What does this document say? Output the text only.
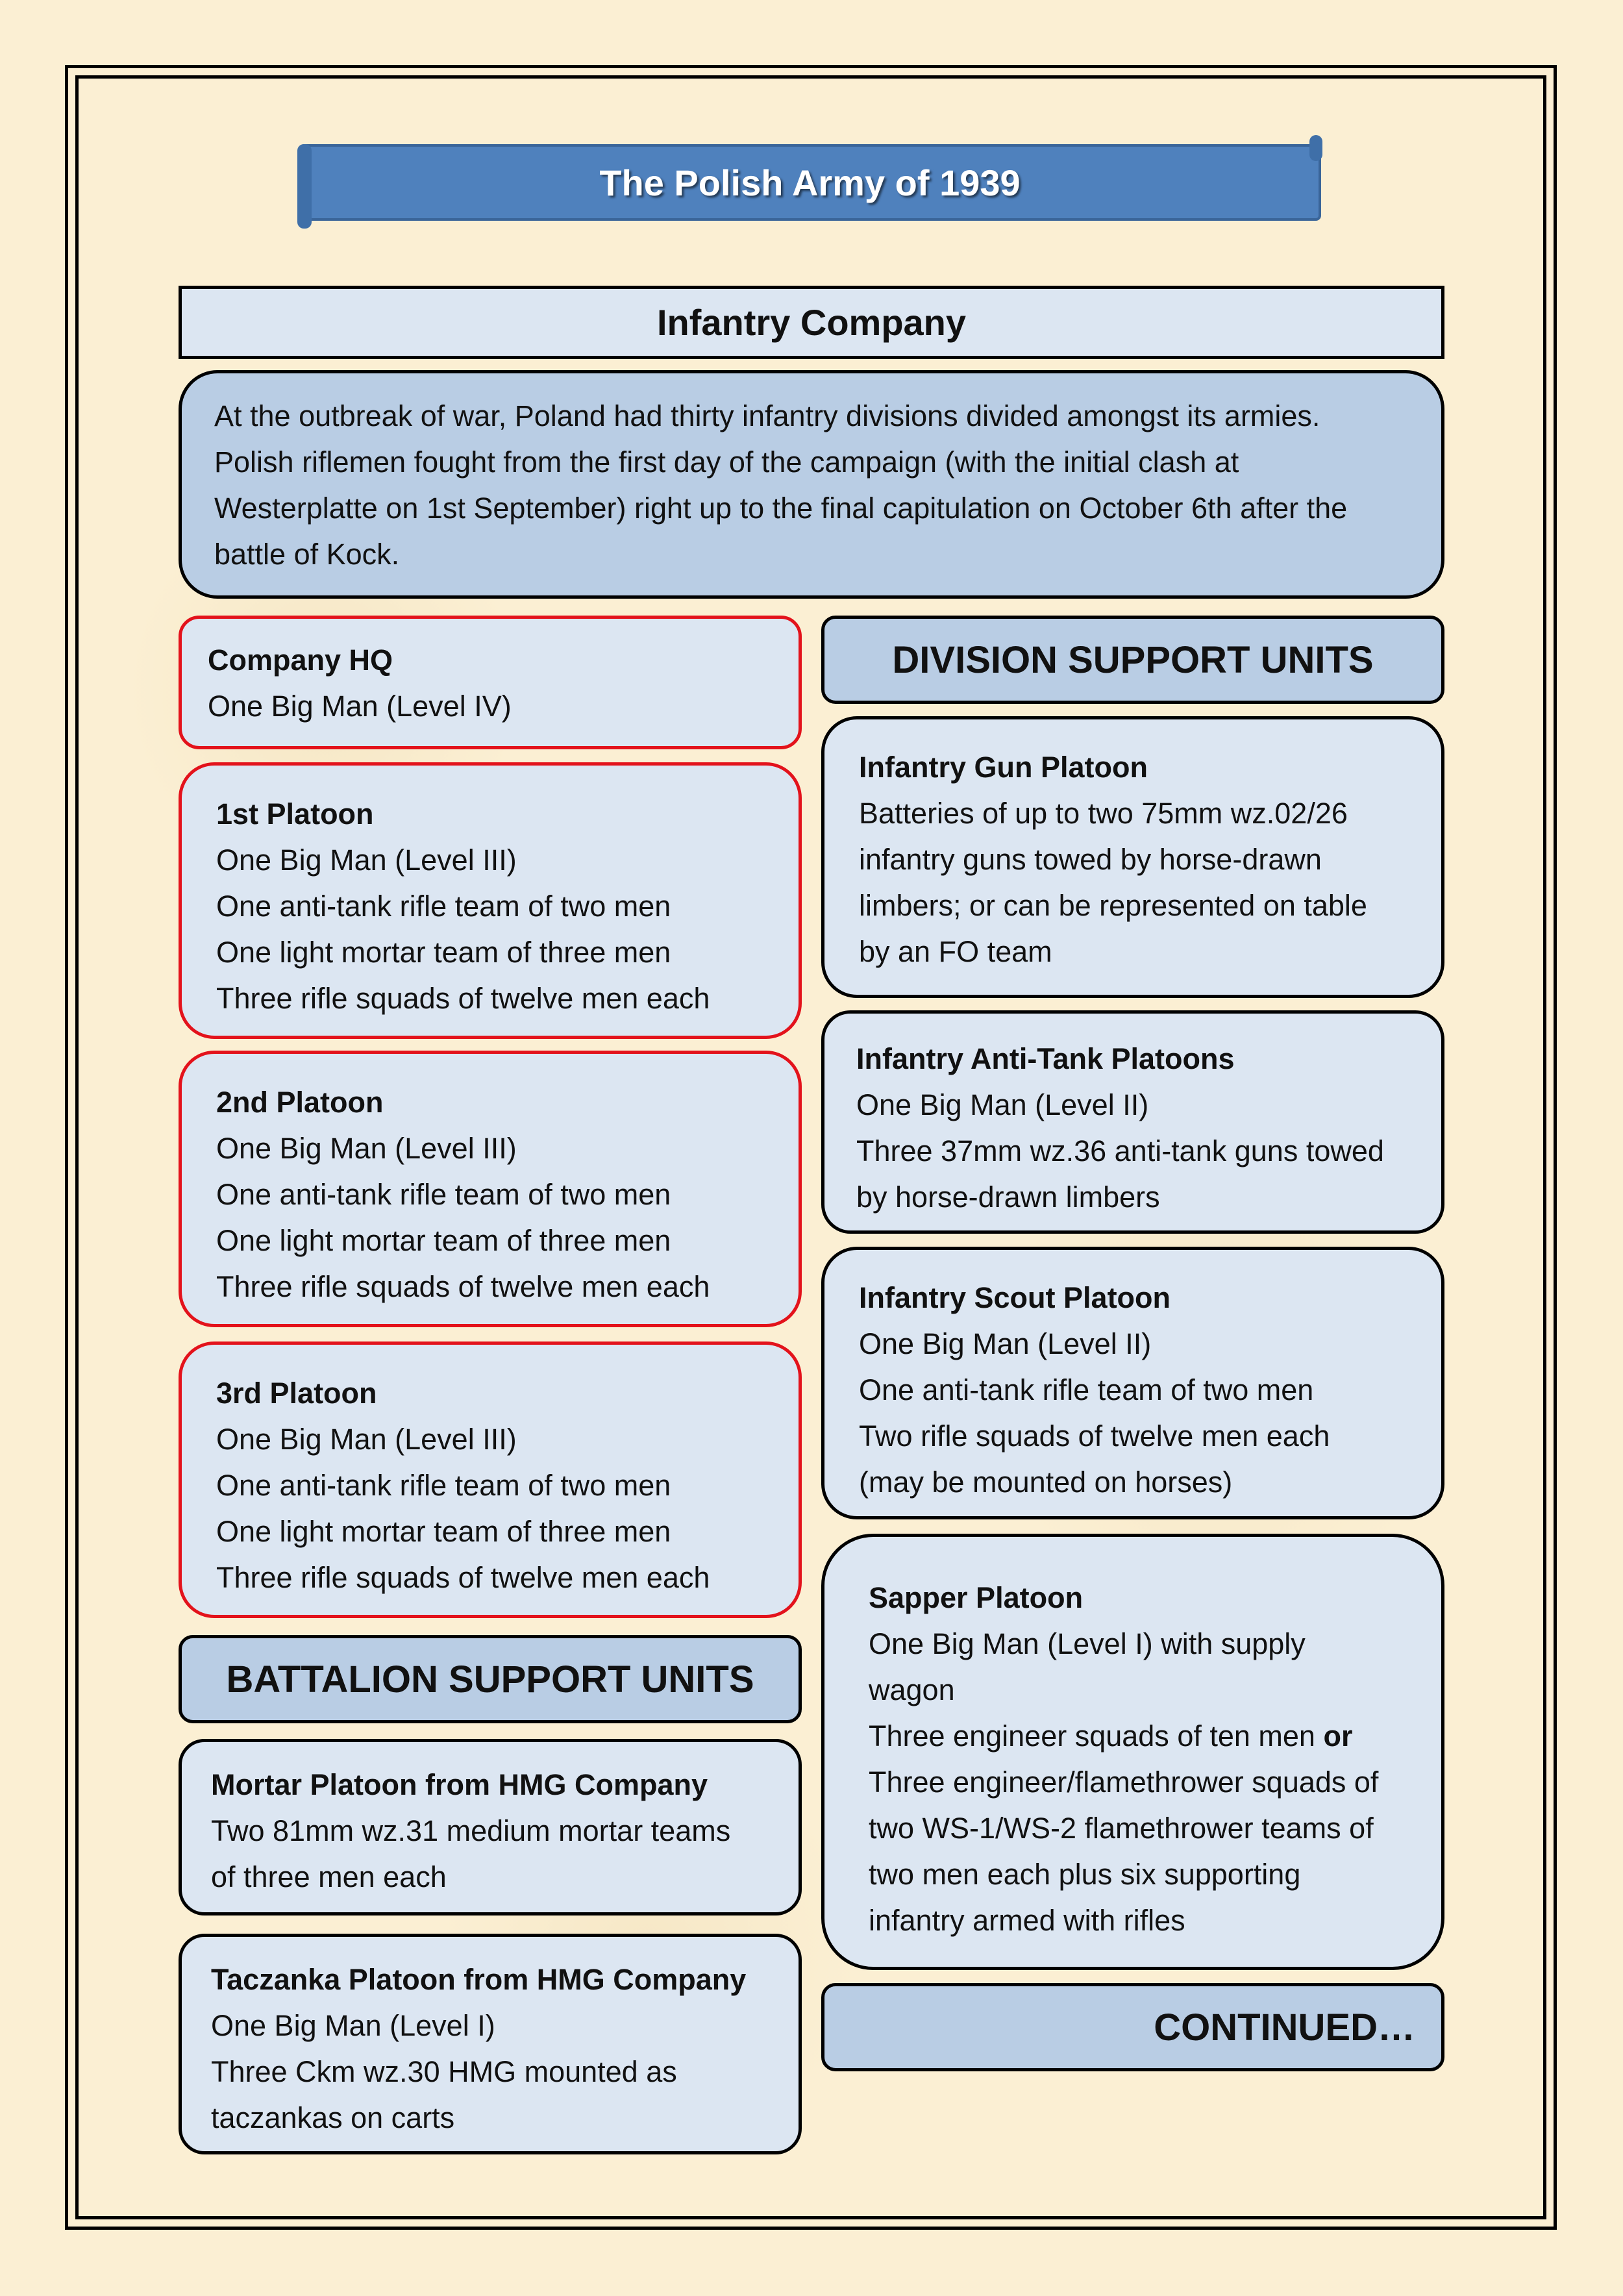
The Polish Army of 1939
Infantry Company
At the outbreak of war, Poland had thirty infantry divisions divided amongst its armies.
Polish riflemen fought from the first day of the campaign (with the initial clash at
Westerplatte on 1st September) right up to the final capitulation on October 6th after the
battle of Kock.
Company HQ
One Big Man (Level IV)
1st Platoon
One Big Man (Level III)
One anti-tank rifle team of two men
One light mortar team of three men
Three rifle squads of twelve men each
2nd Platoon
One Big Man (Level III)
One anti-tank rifle team of two men
One light mortar team of three men
Three rifle squads of twelve men each
3rd Platoon
One Big Man (Level III)
One anti-tank rifle team of two men
One light mortar team of three men
Three rifle squads of twelve men each
BATTALION SUPPORT UNITS
Mortar Platoon from HMG Company
Two 81mm wz.31 medium mortar teams
of three men each
Taczanka Platoon from HMG Company
One Big Man (Level I)
Three Ckm wz.30 HMG mounted as
taczankas on carts
DIVISION SUPPORT UNITS
Infantry Gun Platoon
Batteries of up to two 75mm wz.02/26
infantry guns towed by horse-drawn
limbers; or can be represented on table
by an FO team
Infantry Anti-Tank Platoons
One Big Man (Level II)
Three 37mm wz.36 anti-tank guns towed
by horse-drawn limbers
Infantry Scout Platoon
One Big Man (Level II)
One anti-tank rifle team of two men
Two rifle squads of twelve men each
(may be mounted on horses)
Sapper Platoon
One Big Man (Level I) with supply
wagon
Three engineer squads of ten men or
Three engineer/flamethrower squads of
two WS-1/WS-2 flamethrower teams of
two men each plus six supporting
infantry armed with rifles
CONTINUED…
